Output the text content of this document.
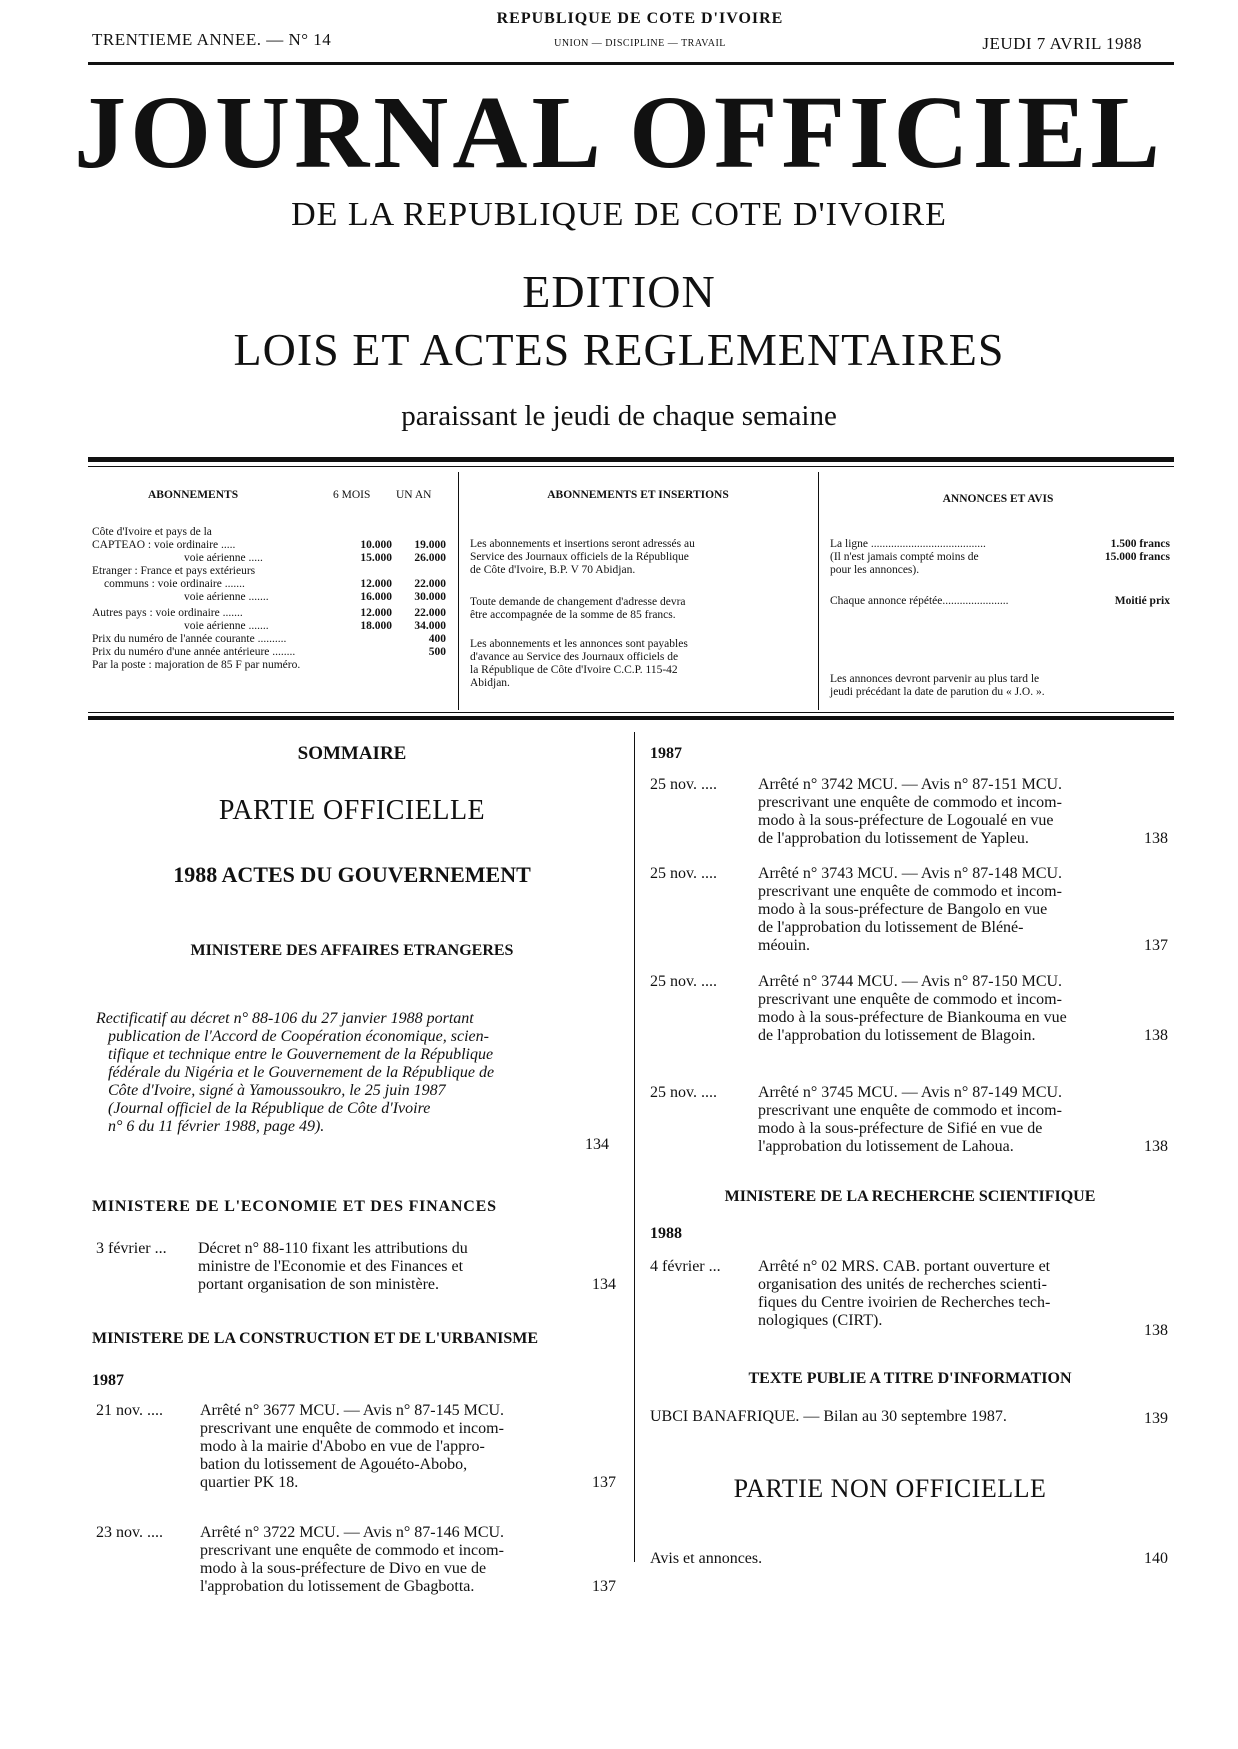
TRENTIEME ANNEE. — N° 14
REPUBLIQUE DE COTE D'IVOIRE
UNION — DISCIPLINE — TRAVAIL	JEUDI 7 AVRIL 1988
JOURNAL OFFICIEL
DE LA REPUBLIQUE DE COTE D'IVOIRE
EDITION
LOIS ET ACTES REGLEMENTAIRES
paraissant le jeudi de chaque semaine
ABONNEMENTS	6 MOIS UN AN
Côte d'Ivoire et pays de la
CAPTEAO : voie ordinaire .....	10.000	19.000
voie aérienne .....	15.000	26.000
Etranger : France et pays extérieurs
communs : voie ordinaire .......	12.000	22.000
voie aérienne .......	16.000	30.000
Autres pays : voie ordinaire .......	12.000	22.000
voie aérienne .......	18.000	34.000
Prix du numéro de l'année courante ..........	400
Prix du numéro d'une année antérieure ........	500
Par la poste : majoration de 85 F par numéro.
ABONNEMENTS ET INSERTIONS
Les abonnements et insertions seront adressés au
Service des Journaux officiels de la République
de Côte d'Ivoire, B.P. V 70 Abidjan.
Toute demande de changement d'adresse devra
être accompagnée de la somme de 85 francs.
Les abonnements et les annonces sont payables
d'avance au Service des Journaux officiels de
la République de Côte d'Ivoire C.C.P. 115-42
Abidjan.
ANNONCES ET AVIS
La ligne ........................................	1.500 francs
(Il n'est jamais compté moins de	15.000 francs
pour les annonces).
Chaque annonce répétée.......................	Moitié prix
Les annonces devront parvenir au plus tard le
jeudi précédant la date de parution du « J.O. ».
SOMMAIRE
PARTIE OFFICIELLE
1988 ACTES DU GOUVERNEMENT
MINISTERE DES AFFAIRES ETRANGERES
Rectificatif au décret n° 88-106 du 27 janvier 1988 portant
publication de l'Accord de Coopération économique, scien-
tifique et technique entre le Gouvernement de la République
fédérale du Nigéria et le Gouvernement de la République de
Côte d'Ivoire, signé à Yamoussoukro, le 25 juin 1987
(Journal officiel de la République de Côte d'Ivoire
n° 6 du 11 février 1988, page 49).
134
MINISTERE DE L'ECONOMIE ET DES FINANCES
3 février ... Décret n° 88-110 fixant les attributions du
ministre de l'Economie et des Finances et
portant organisation de son ministère.	134
MINISTERE DE LA CONSTRUCTION ET DE L'URBANISME
1987
21 nov. .... Arrêté n° 3677 MCU. — Avis n° 87-145 MCU.
prescrivant une enquête de commodo et incom-
modo à la mairie d'Abobo en vue de l'appro-
bation du lotissement de Agouéto-Abobo,
quartier PK 18.	137
23 nov. .... Arrêté n° 3722 MCU. — Avis n° 87-146 MCU.
prescrivant une enquête de commodo et incom-
modo à la sous-préfecture de Divo en vue de
l'approbation du lotissement de Gbagbotta.	137
1987
25 nov. ....	Arrêté n° 3742 MCU. — Avis n° 87-151 MCU.
prescrivant une enquête de commodo et incom-
modo à la sous-préfecture de Logoualé en vue
de l'approbation du lotissement de Yapleu.	138
25 nov. ....	Arrêté n° 3743 MCU. — Avis n° 87-148 MCU.
prescrivant une enquête de commodo et incom-
modo à la sous-préfecture de Bangolo en vue
de l'approbation du lotissement de Bléné-
méouin.	137
25 nov. ....	Arrêté n° 3744 MCU. — Avis n° 87-150 MCU.
prescrivant une enquête de commodo et incom-
modo à la sous-préfecture de Biankouma en vue
de l'approbation du lotissement de Blagoin.	138
25 nov. ....	Arrêté n° 3745 MCU. — Avis n° 87-149 MCU.
prescrivant une enquête de commodo et incom-
modo à la sous-préfecture de Sifié en vue de
l'approbation du lotissement de Lahoua.	138
MINISTERE DE LA RECHERCHE SCIENTIFIQUE
1988
4 février ... Arrêté n° 02 MRS. CAB. portant ouverture et
organisation des unités de recherches scienti-
fiques du Centre ivoirien de Recherches tech-
nologiques (CIRT).
138
TEXTE PUBLIE A TITRE D'INFORMATION
UBCI BANAFRIQUE. — Bilan au 30 septembre 1987.	139
PARTIE NON OFFICIELLE
Avis et annonces.	140
